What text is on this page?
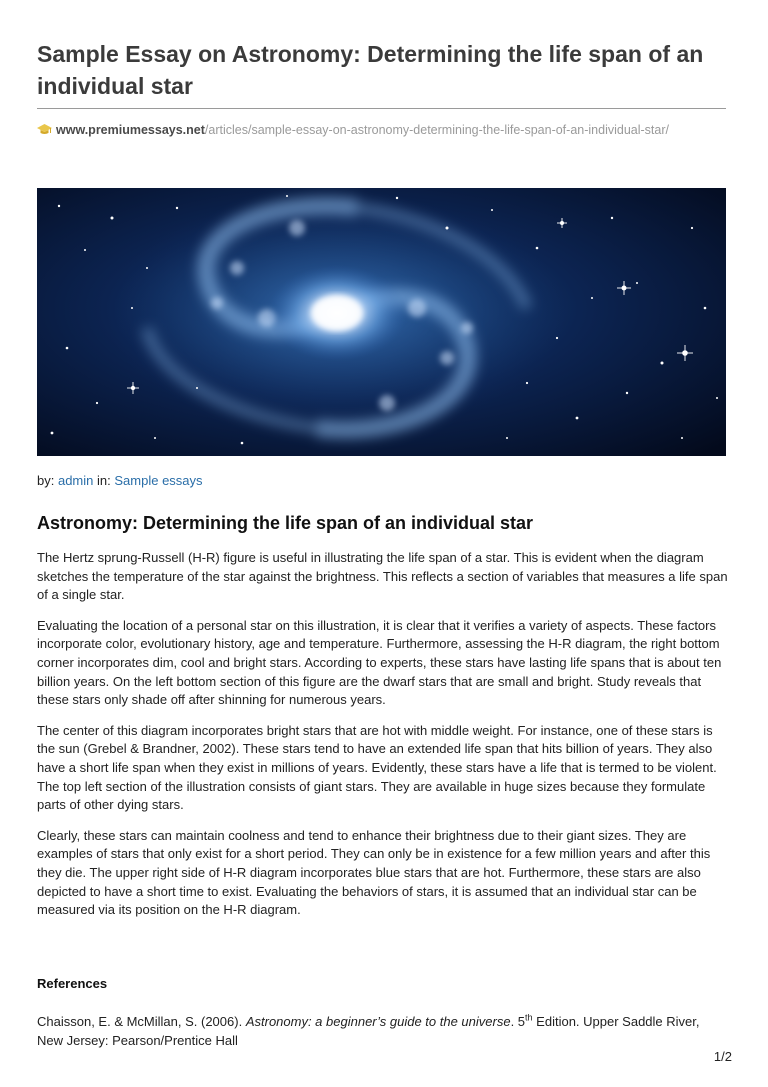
Sample Essay on Astronomy: Determining the life span of an individual star
www.premiumessays.net/articles/sample-essay-on-astronomy-determining-the-life-span-of-an-individual-star/
by: admin in: Sample essays
Astronomy: Determining the life span of an individual star

The Hertz sprung-Russell (H-R) figure is useful in illustrating the life span of a star. This is evident when the diagram sketches the temperature of the star against the brightness. This reflects a section of variables that measures a life span of a single star.

Evaluating the location of a personal star on this illustration, it is clear that it verifies a variety of aspects. These factors incorporate color, evolutionary history, age and temperature. Furthermore, assessing the H-R diagram, the right bottom corner incorporates dim, cool and bright stars. According to experts, these stars have lasting life spans that is about ten billion years. On the left bottom section of this figure are the dwarf stars that are small and bright. Study reveals that these stars only shade off after shinning for numerous years.

The center of this diagram incorporates bright stars that are hot with middle weight. For instance, one of these stars is the sun (Grebel & Brandner, 2002). These stars tend to have an extended life span that hits billion of years. They also have a short life span when they exist in millions of years. Evidently, these stars have a life that is termed to be violent. The top left section of the illustration consists of giant stars. They are available in huge sizes because they formulate parts of other dying stars.

Clearly, these stars can maintain coolness and tend to enhance their brightness due to their giant sizes. They are examples of stars that only exist for a short period. They can only be in existence for a few million years and after this they die. The upper right side of H-R diagram incorporates blue stars that are hot. Furthermore, these stars are also depicted to have a short time to exist. Evaluating the behaviors of stars, it is assumed that an individual star can be measured via its position on the H-R diagram.

References
Chaisson, E. & McMillan, S. (2006). Astronomy: a beginner’s guide to the universe. 5th Edition. Upper Saddle River, New Jersey: Pearson/Prentice Hall
1/2
